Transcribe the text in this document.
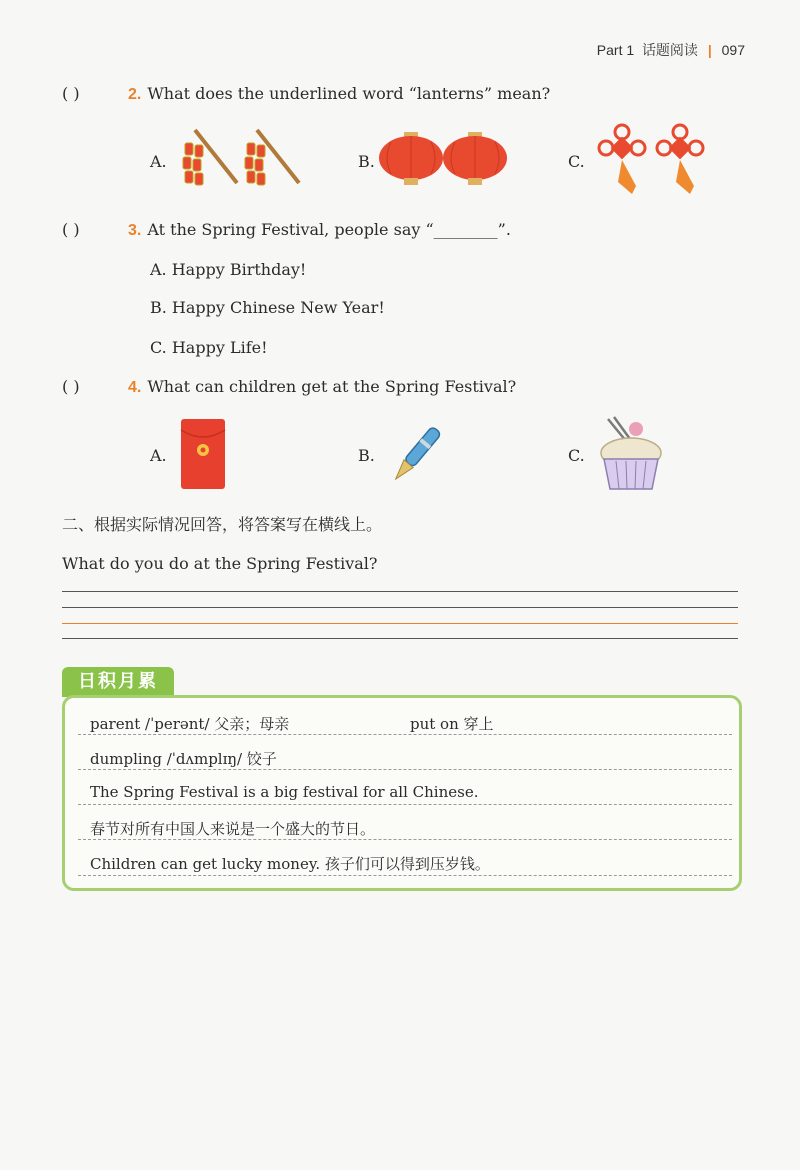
Part 1 话题阅读 | 097
( )	2. What does the underlined word “lanterns” mean?
A.	B.	C.
( )	3. At the Spring Festival, people say “________”.
A. Happy Birthday!
B. Happy Chinese New Year!
C. Happy Life!
( )	4. What can children get at the Spring Festival?
A.	B.	C.
二、根据实际情况回答，将答案写在横线上。
What do you do at the Spring Festival?
日积月累
parent /ˈperənt/ 父亲；母亲	put on 穿上
dumpling /ˈdʌmplɪŋ/ 饺子
The Spring Festival is a big festival for all Chinese.
春节对所有中国人来说是一个盛大的节日。
Children can get lucky money. 孩子们可以得到压岁钱。
